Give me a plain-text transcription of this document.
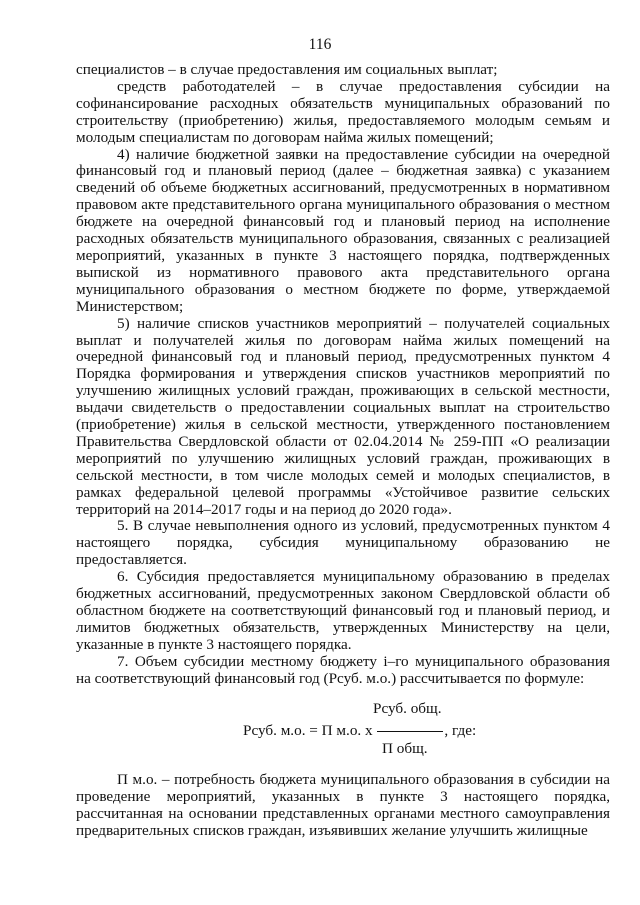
116

специалистов – в случае предоставления им социальных выплат;

средств работодателей – в случае предоставления субсидии на софинансирование расходных обязательств муниципальных образований по строительству (приобретению) жилья, предоставляемого молодым семьям и молодым специалистам по договорам найма жилых помещений;

4) наличие бюджетной заявки на предоставление субсидии на очередной финансовый год и плановый период (далее – бюджетная заявка) с указанием сведений об объеме бюджетных ассигнований, предусмотренных в нормативном правовом акте представительного органа муниципального образования о местном бюджете на очередной финансовый год и плановый период на исполнение расходных обязательств муниципального образования, связанных с реализацией мероприятий, указанных в пункте 3 настоящего порядка, подтвержденных выпиской из нормативного правового акта представительного органа муниципального образования о местном бюджете по форме, утверждаемой Министерством;

5) наличие списков участников мероприятий – получателей социальных выплат и получателей жилья по договорам найма жилых помещений на очередной финансовый год и плановый период, предусмотренных пунктом 4 Порядка формирования и утверждения списков участников мероприятий по улучшению жилищных условий граждан, проживающих в сельской местности, выдачи свидетельств о предоставлении социальных выплат на строительство (приобретение) жилья в сельской местности, утвержденного постановлением Правительства Свердловской области от 02.04.2014 № 259-ПП «О реализации мероприятий по улучшению жилищных условий граждан, проживающих в сельской местности, в том числе молодых семей и молодых специалистов, в рамках федеральной целевой программы «Устойчивое развитие сельских территорий на 2014–2017 годы и на период до 2020 года».

5. В случае невыполнения одного из условий, предусмотренных пунктом 4 настоящего порядка, субсидия муниципальному образованию не предоставляется.

6. Субсидия предоставляется муниципальному образованию в пределах бюджетных ассигнований, предусмотренных законом Свердловской области об областном бюджете на соответствующий финансовый год и плановый период, и лимитов бюджетных обязательств, утвержденных Министерству на цели, указанные в пункте 3 настоящего порядка.

7. Объем субсидии местному бюджету i–го муниципального образования на соответствующий финансовый год (Рсуб. м.о.) рассчитывается по формуле:

Рсуб. общ.
Рсуб. м.о. = П м.о. х	, где:
П общ.

П м.о. – потребность бюджета муниципального образования в субсидии на проведение мероприятий, указанных в пункте 3 настоящего порядка, рассчитанная на основании представленных органами местного самоуправления предварительных списков граждан, изъявивших желание улучшить жилищные
